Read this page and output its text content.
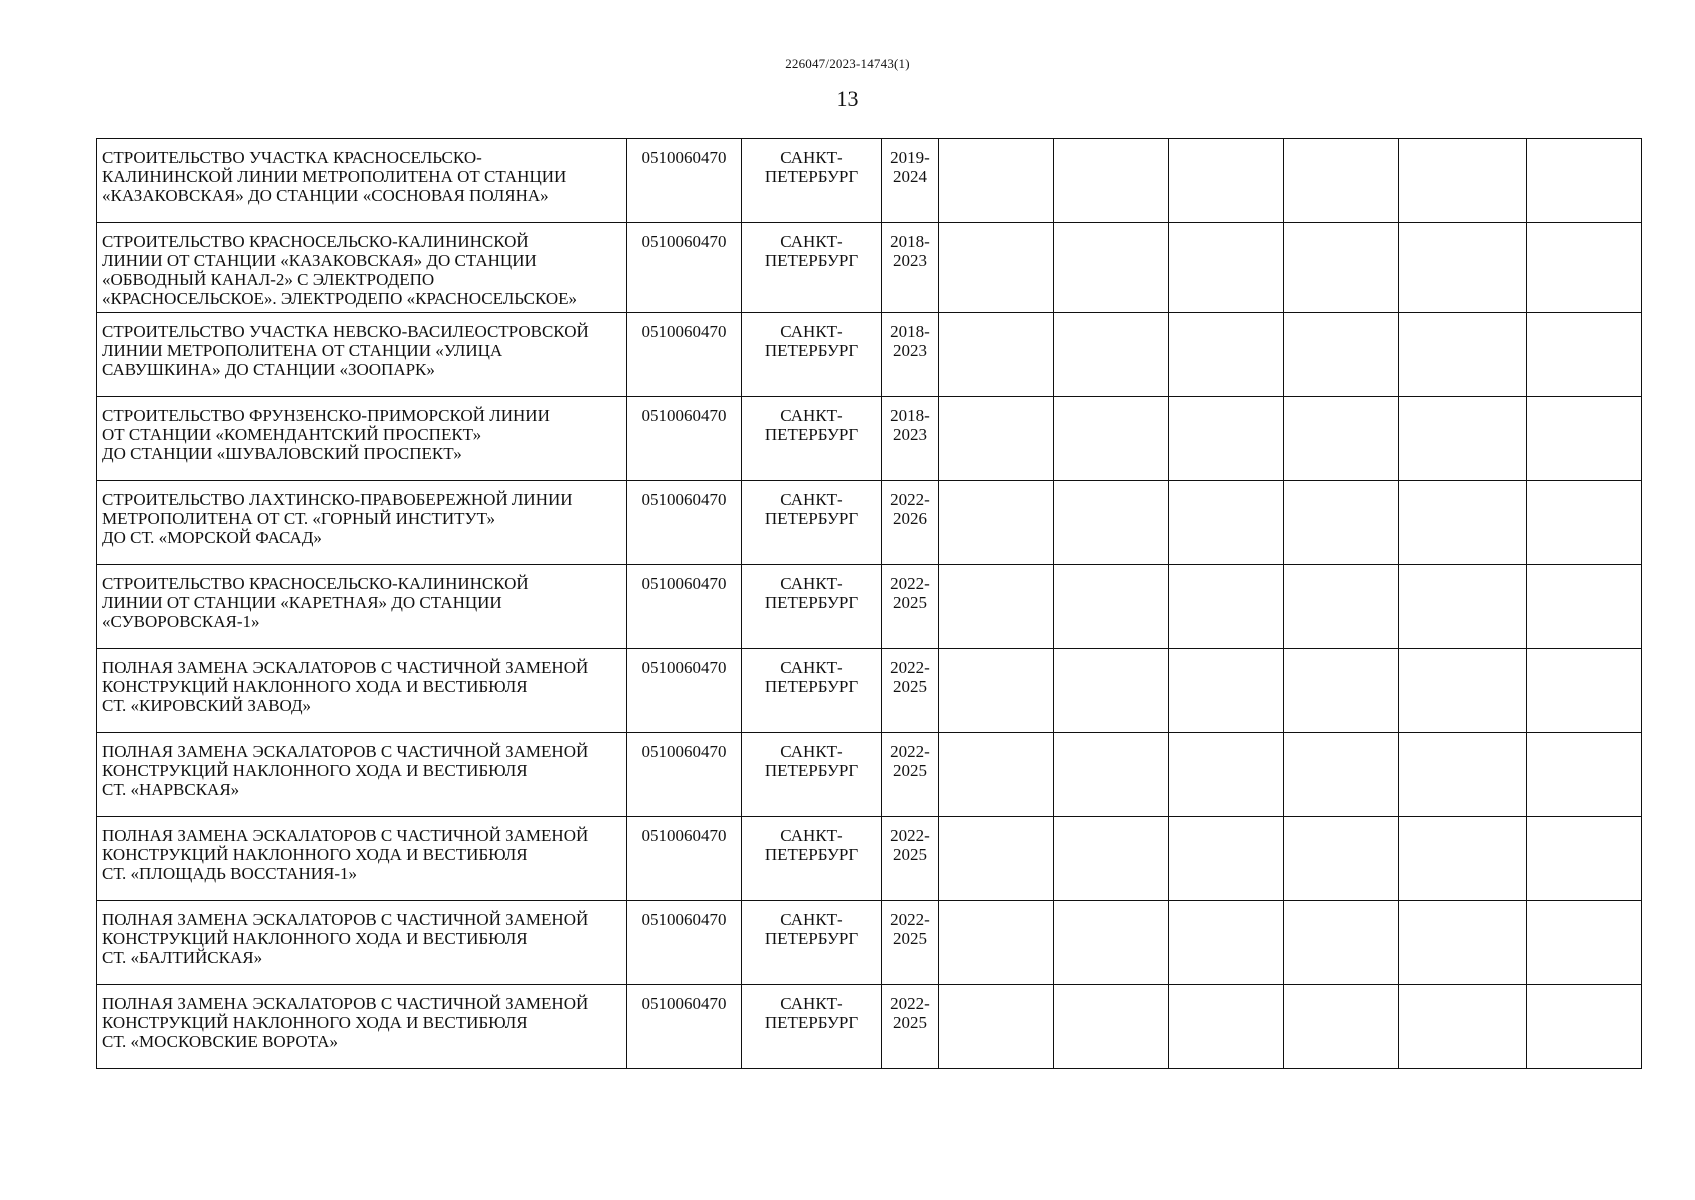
226047/2023-14743(1)
13
СТРОИТЕЛЬСТВО УЧАСТКА КРАСНОСЕЛЬСКО-
КАЛИНИНСКОЙ ЛИНИИ МЕТРОПОЛИТЕНА ОТ СТАНЦИИ
«КАЗАКОВСКАЯ» ДО СТАНЦИИ «СОСНОВАЯ ПОЛЯНА»	0510060470	САНКТ-
ПЕТЕРБУРГ	2019-
2024						
СТРОИТЕЛЬСТВО КРАСНОСЕЛЬСКО-КАЛИНИНСКОЙ
ЛИНИИ ОТ СТАНЦИИ «КАЗАКОВСКАЯ» ДО СТАНЦИИ
«ОБВОДНЫЙ КАНАЛ-2» С ЭЛЕКТРОДЕПО
«КРАСНОСЕЛЬСКОЕ». ЭЛЕКТРОДЕПО «КРАСНОСЕЛЬСКОЕ»	0510060470	САНКТ-
ПЕТЕРБУРГ	2018-
2023						
СТРОИТЕЛЬСТВО УЧАСТКА НЕВСКО-ВАСИЛЕОСТРОВСКОЙ
ЛИНИИ МЕТРОПОЛИТЕНА ОТ СТАНЦИИ «УЛИЦА
САВУШКИНА» ДО СТАНЦИИ «ЗООПАРК»	0510060470	САНКТ-
ПЕТЕРБУРГ	2018-
2023						
СТРОИТЕЛЬСТВО ФРУНЗЕНСКО-ПРИМОРСКОЙ ЛИНИИ
ОТ СТАНЦИИ «КОМЕНДАНТСКИЙ ПРОСПЕКТ»
ДО СТАНЦИИ «ШУВАЛОВСКИЙ ПРОСПЕКТ»	0510060470	САНКТ-
ПЕТЕРБУРГ	2018-
2023						
СТРОИТЕЛЬСТВО ЛАХТИНСКО-ПРАВОБЕРЕЖНОЙ ЛИНИИ
МЕТРОПОЛИТЕНА ОТ СТ. «ГОРНЫЙ ИНСТИТУТ»
ДО СТ. «МОРСКОЙ ФАСАД»	0510060470	САНКТ-
ПЕТЕРБУРГ	2022-
2026						
СТРОИТЕЛЬСТВО КРАСНОСЕЛЬСКО-КАЛИНИНСКОЙ
ЛИНИИ ОТ СТАНЦИИ «КАРЕТНАЯ» ДО СТАНЦИИ
«СУВОРОВСКАЯ-1»	0510060470	САНКТ-
ПЕТЕРБУРГ	2022-
2025						
ПОЛНАЯ ЗАМЕНА ЭСКАЛАТОРОВ С ЧАСТИЧНОЙ ЗАМЕНОЙ
КОНСТРУКЦИЙ НАКЛОННОГО ХОДА И ВЕСТИБЮЛЯ
СТ. «КИРОВСКИЙ ЗАВОД»	0510060470	САНКТ-
ПЕТЕРБУРГ	2022-
2025						
ПОЛНАЯ ЗАМЕНА ЭСКАЛАТОРОВ С ЧАСТИЧНОЙ ЗАМЕНОЙ
КОНСТРУКЦИЙ НАКЛОННОГО ХОДА И ВЕСТИБЮЛЯ
СТ. «НАРВСКАЯ»	0510060470	САНКТ-
ПЕТЕРБУРГ	2022-
2025						
ПОЛНАЯ ЗАМЕНА ЭСКАЛАТОРОВ С ЧАСТИЧНОЙ ЗАМЕНОЙ
КОНСТРУКЦИЙ НАКЛОННОГО ХОДА И ВЕСТИБЮЛЯ
СТ. «ПЛОЩАДЬ ВОССТАНИЯ-1»	0510060470	САНКТ-
ПЕТЕРБУРГ	2022-
2025						
ПОЛНАЯ ЗАМЕНА ЭСКАЛАТОРОВ С ЧАСТИЧНОЙ ЗАМЕНОЙ
КОНСТРУКЦИЙ НАКЛОННОГО ХОДА И ВЕСТИБЮЛЯ
СТ. «БАЛТИЙСКАЯ»	0510060470	САНКТ-
ПЕТЕРБУРГ	2022-
2025						
ПОЛНАЯ ЗАМЕНА ЭСКАЛАТОРОВ С ЧАСТИЧНОЙ ЗАМЕНОЙ
КОНСТРУКЦИЙ НАКЛОННОГО ХОДА И ВЕСТИБЮЛЯ
СТ. «МОСКОВСКИЕ ВОРОТА»	0510060470	САНКТ-
ПЕТЕРБУРГ	2022-
2025						
